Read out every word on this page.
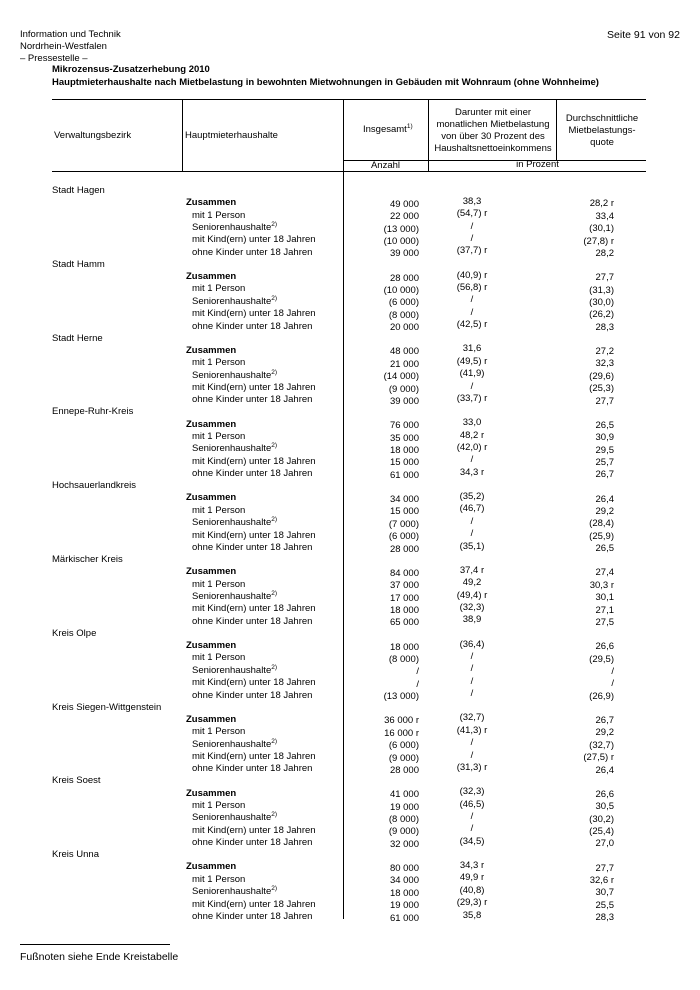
Information und Technik
Nordrhein-Westfalen
– Pressestelle –
Seite 91 von 92
Mikrozensus-Zusatzerhebung 2010
Hauptmieterhaushalte nach Mietbelastung in bewohnten Mietwohnungen in Gebäuden mit Wohnraum (ohne Wohnheime)
Verwaltungsbezirk	Hauptmieterhaushalte
Insgesamt$^{1)}$
Darunter mit einer
monatlichen Mietbelastung
von über 30 Prozent des
Haushaltsnettoeinkommens
Durchschnittliche
Mietbelastungs-
quote
Anzahl	in Prozent
Stadt Hagen
Zusammen	49 000	38,3	28,2 r
mit 1 Person	22 000	(54,7) r	33,4
Seniorenhaushalte$^{2)}$	(13 000)	/	(30,1)
mit Kind(ern) unter 18 Jahren	(10 000)	/	(27,8) r
ohne Kinder unter 18 Jahren	39 000	(37,7) r	28,2
Stadt Hamm
Zusammen	28 000	(40,9) r	27,7
mit 1 Person	(10 000)	(56,8) r	(31,3)
Seniorenhaushalte$^{2)}$	(6 000)	/	(30,0)
mit Kind(ern) unter 18 Jahren	(8 000)	/	(26,2)
ohne Kinder unter 18 Jahren	20 000	(42,5) r	28,3
Stadt Herne
Zusammen	48 000	31,6	27,2
mit 1 Person	21 000	(49,5) r	32,3
Seniorenhaushalte$^{2)}$	(14 000)	(41,9)	(29,6)
mit Kind(ern) unter 18 Jahren	(9 000)	/	(25,3)
ohne Kinder unter 18 Jahren	39 000	(33,7) r	27,7
Ennepe-Ruhr-Kreis
Zusammen	76 000	33,0	26,5
mit 1 Person	35 000	48,2 r	30,9
Seniorenhaushalte$^{2)}$	18 000	(42,0) r	29,5
mit Kind(ern) unter 18 Jahren	15 000	/	25,7
ohne Kinder unter 18 Jahren	61 000	34,3 r	26,7
Hochsauerlandkreis
Zusammen	34 000	(35,2)	26,4
mit 1 Person	15 000	(46,7)	29,2
Seniorenhaushalte$^{2)}$	(7 000)	/	(28,4)
mit Kind(ern) unter 18 Jahren	(6 000)	/	(25,9)
ohne Kinder unter 18 Jahren	28 000	(35,1)	26,5
Märkischer Kreis
Zusammen	84 000	37,4 r	27,4
mit 1 Person	37 000	49,2	30,3 r
Seniorenhaushalte$^{2)}$	17 000	(49,4) r	30,1
mit Kind(ern) unter 18 Jahren	18 000	(32,3)	27,1
ohne Kinder unter 18 Jahren	65 000	38,9	27,5
Kreis Olpe
Zusammen	18 000	(36,4)	26,6
mit 1 Person	(8 000)	/	(29,5)
Seniorenhaushalte$^{2)}$	/	/	/
mit Kind(ern) unter 18 Jahren	/	/	/
ohne Kinder unter 18 Jahren	(13 000)	/	(26,9)
Kreis Siegen-Wittgenstein
Zusammen	36 000 r	(32,7)	26,7
mit 1 Person	16 000 r	(41,3) r	29,2
Seniorenhaushalte$^{2)}$	(6 000)	/	(32,7)
mit Kind(ern) unter 18 Jahren	(9 000)	/	(27,5) r
ohne Kinder unter 18 Jahren	28 000	(31,3) r	26,4
Kreis Soest
Zusammen	41 000	(32,3)	26,6
mit 1 Person	19 000	(46,5)	30,5
Seniorenhaushalte$^{2)}$	(8 000)	/	(30,2)
mit Kind(ern) unter 18 Jahren	(9 000)	/	(25,4)
ohne Kinder unter 18 Jahren	32 000	(34,5)	27,0
Kreis Unna
Zusammen	80 000	34,3 r	27,7
mit 1 Person	34 000	49,9 r	32,6 r
Seniorenhaushalte$^{2)}$	18 000	(40,8)	30,7
mit Kind(ern) unter 18 Jahren	19 000	(29,3) r	25,5
ohne Kinder unter 18 Jahren	61 000	35,8	28,3
Fußnoten siehe Ende Kreistabelle
